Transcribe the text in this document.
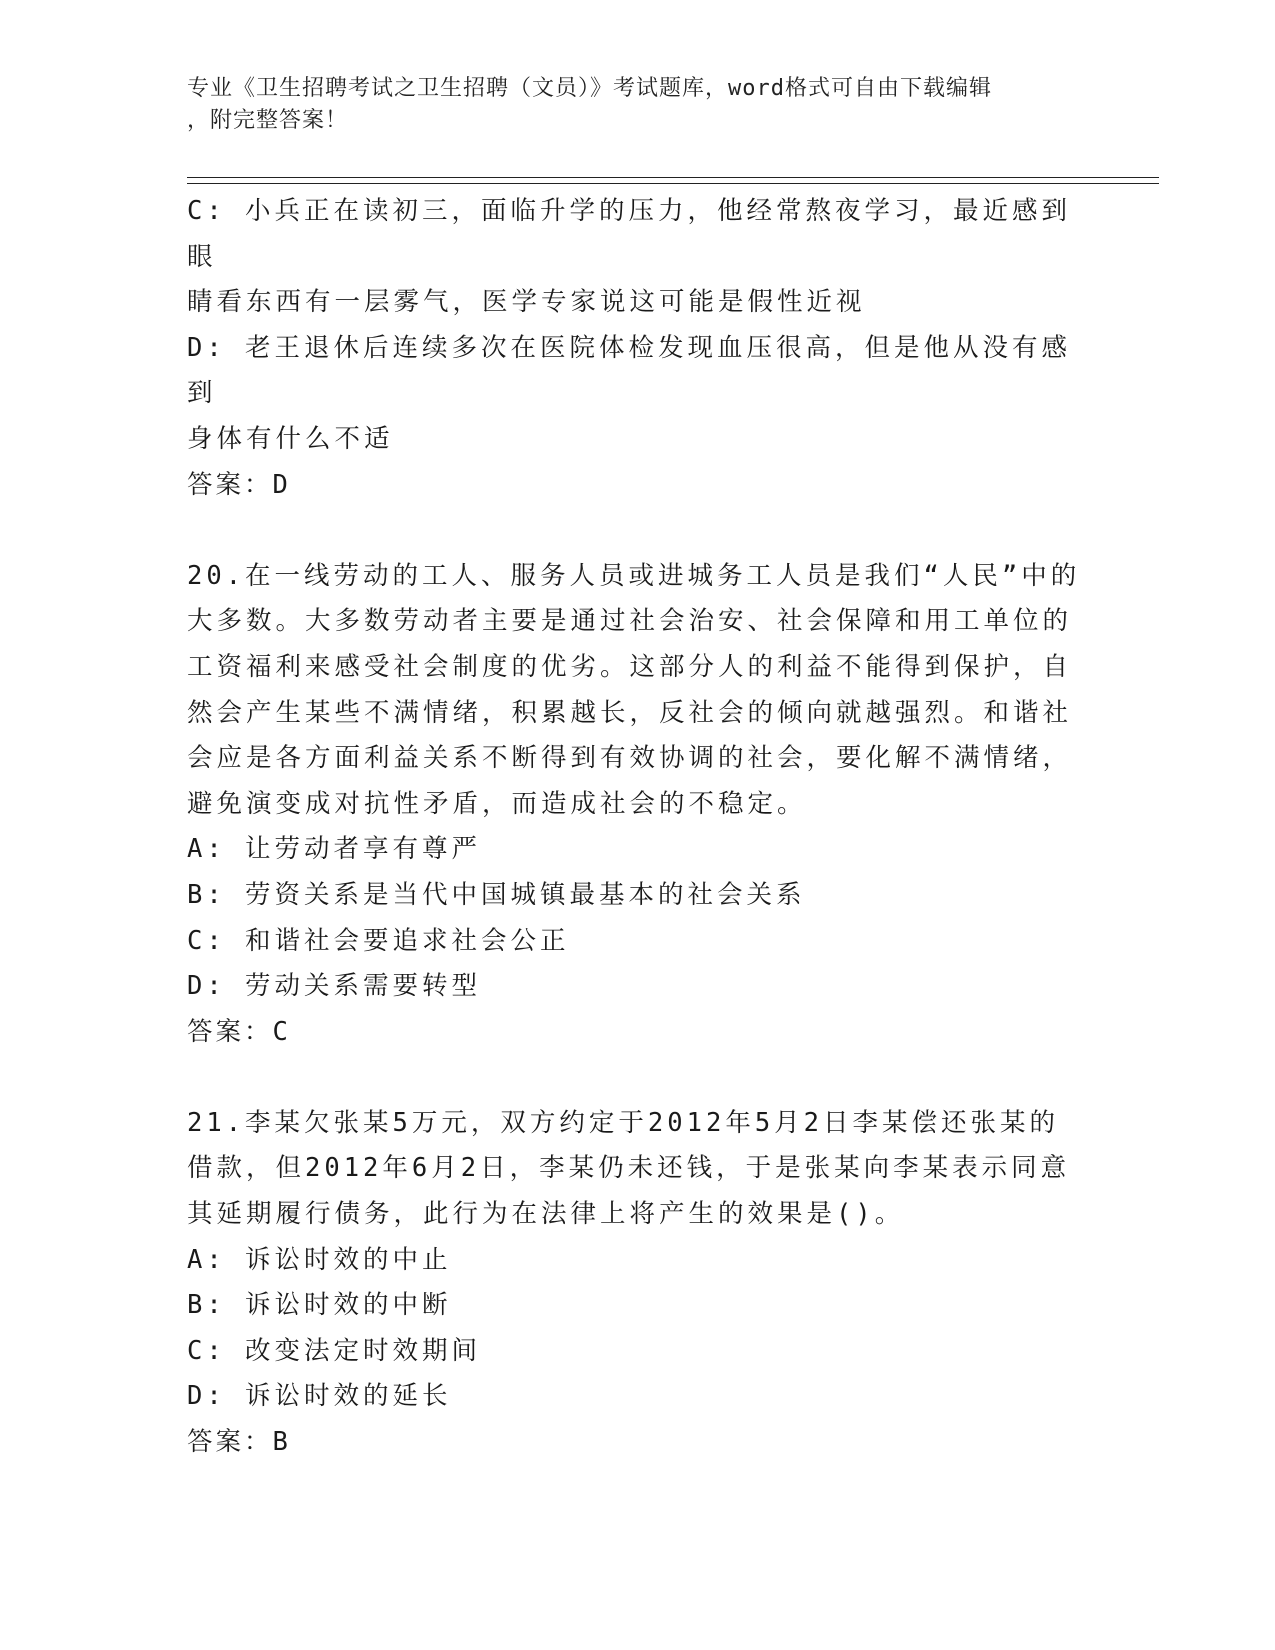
专业《卫生招聘考试之卫生招聘（文员）》考试题库，word格式可自由下载编辑
，附完整答案！

C: 小兵正在读初三，面临升学的压力，他经常熬夜学习，最近感到眼

睛看东西有一层雾气，医学专家说这可能是假性近视

D: 老王退休后连续多次在医院体检发现血压很高，但是他从没有感到

身体有什么不适

答案：D

20.在一线劳动的工人、服务人员或进城务工人员是我们“人民”中的

大多数。大多数劳动者主要是通过社会治安、社会保障和用工单位的

工资福利来感受社会制度的优劣。这部分人的利益不能得到保护，自

然会产生某些不满情绪，积累越长，反社会的倾向就越强烈。和谐社

会应是各方面利益关系不断得到有效协调的社会，要化解不满情绪，

避免演变成对抗性矛盾，而造成社会的不稳定。

A: 让劳动者享有尊严

B: 劳资关系是当代中国城镇最基本的社会关系

C: 和谐社会要追求社会公正

D: 劳动关系需要转型

答案：C

21.李某欠张某5万元，双方约定于2012年5月2日李某偿还张某的

借款，但2012年6月2日，李某仍未还钱，于是张某向李某表示同意

其延期履行债务，此行为在法律上将产生的效果是()。

A: 诉讼时效的中止

B: 诉讼时效的中断

C: 改变法定时效期间

D: 诉讼时效的延长

答案：B
